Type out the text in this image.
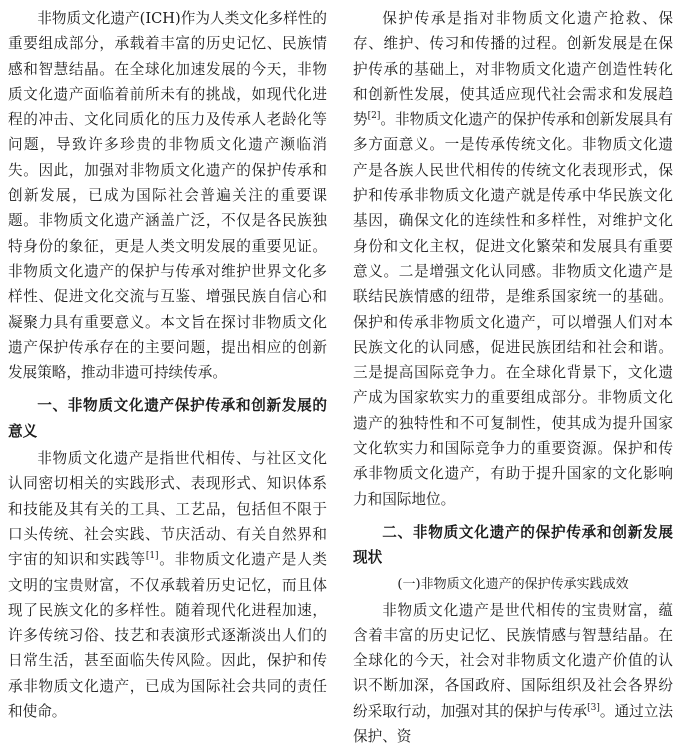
非物质文化遗产(ICH)作为人类文化多样性的重要组成部分，承载着丰富的历史记忆、民族情感和智慧结晶。在全球化加速发展的今天，非物质文化遗产面临着前所未有的挑战，如现代化进程的冲击、文化同质化的压力及传承人老龄化等问题，导致许多珍贵的非物质文化遗产濒临消失。因此，加强对非物质文化遗产的保护传承和创新发展，已成为国际社会普遍关注的重要课题。非物质文化遗产涵盖广泛，不仅是各民族独特身份的象征，更是人类文明发展的重要见证。非物质文化遗产的保护与传承对维护世界文化多样性、促进文化交流与互鉴、增强民族自信心和凝聚力具有重要意义。本文旨在探讨非物质文化遗产保护传承存在的主要问题，提出相应的创新发展策略，推动非遗可持续传承。

一、非物质文化遗产保护传承和创新发展的意义

非物质文化遗产是指世代相传、与社区文化认同密切相关的实践形式、表现形式、知识体系和技能及其有关的工具、工艺品，包括但不限于口头传统、社会实践、节庆活动、有关自然界和宇宙的知识和实践等[1]。非物质文化遗产是人类文明的宝贵财富，不仅承载着历史记忆，而且体现了民族文化的多样性。随着现代化进程加速，许多传统习俗、技艺和表演形式逐渐淡出人们的日常生活，甚至面临失传风险。因此，保护和传承非物质文化遗产，已成为国际社会共同的责任和使命。

保护传承是指对非物质文化遗产抢救、保存、维护、传习和传播的过程。创新发展是在保护传承的基础上，对非物质文化遗产创造性转化和创新性发展，使其适应现代社会需求和发展趋势[2]。非物质文化遗产的保护传承和创新发展具有多方面意义。一是传承传统文化。非物质文化遗产是各族人民世代相传的传统文化表现形式，保护和传承非物质文化遗产就是传承中华民族文化基因，确保文化的连续性和多样性，对维护文化身份和文化主权，促进文化繁荣和发展具有重要意义。二是增强文化认同感。非物质文化遗产是联结民族情感的纽带，是维系国家统一的基础。保护和传承非物质文化遗产，可以增强人们对本民族文化的认同感，促进民族团结和社会和谐。三是提高国际竞争力。在全球化背景下，文化遗产成为国家软实力的重要组成部分。非物质文化遗产的独特性和不可复制性，使其成为提升国家文化软实力和国际竞争力的重要资源。保护和传承非物质文化遗产，有助于提升国家的文化影响力和国际地位。

二、非物质文化遗产的保护传承和创新发展现状
(一)非物质文化遗产的保护传承实践成效

非物质文化遗产是世代相传的宝贵财富，蕴含着丰富的历史记忆、民族情感与智慧结晶。在全球化的今天，社会对非物质文化遗产价值的认识不断加深，各国政府、国际组织及社会各界纷纷采取行动，加强对其的保护与传承[3]。通过立法保护、资
